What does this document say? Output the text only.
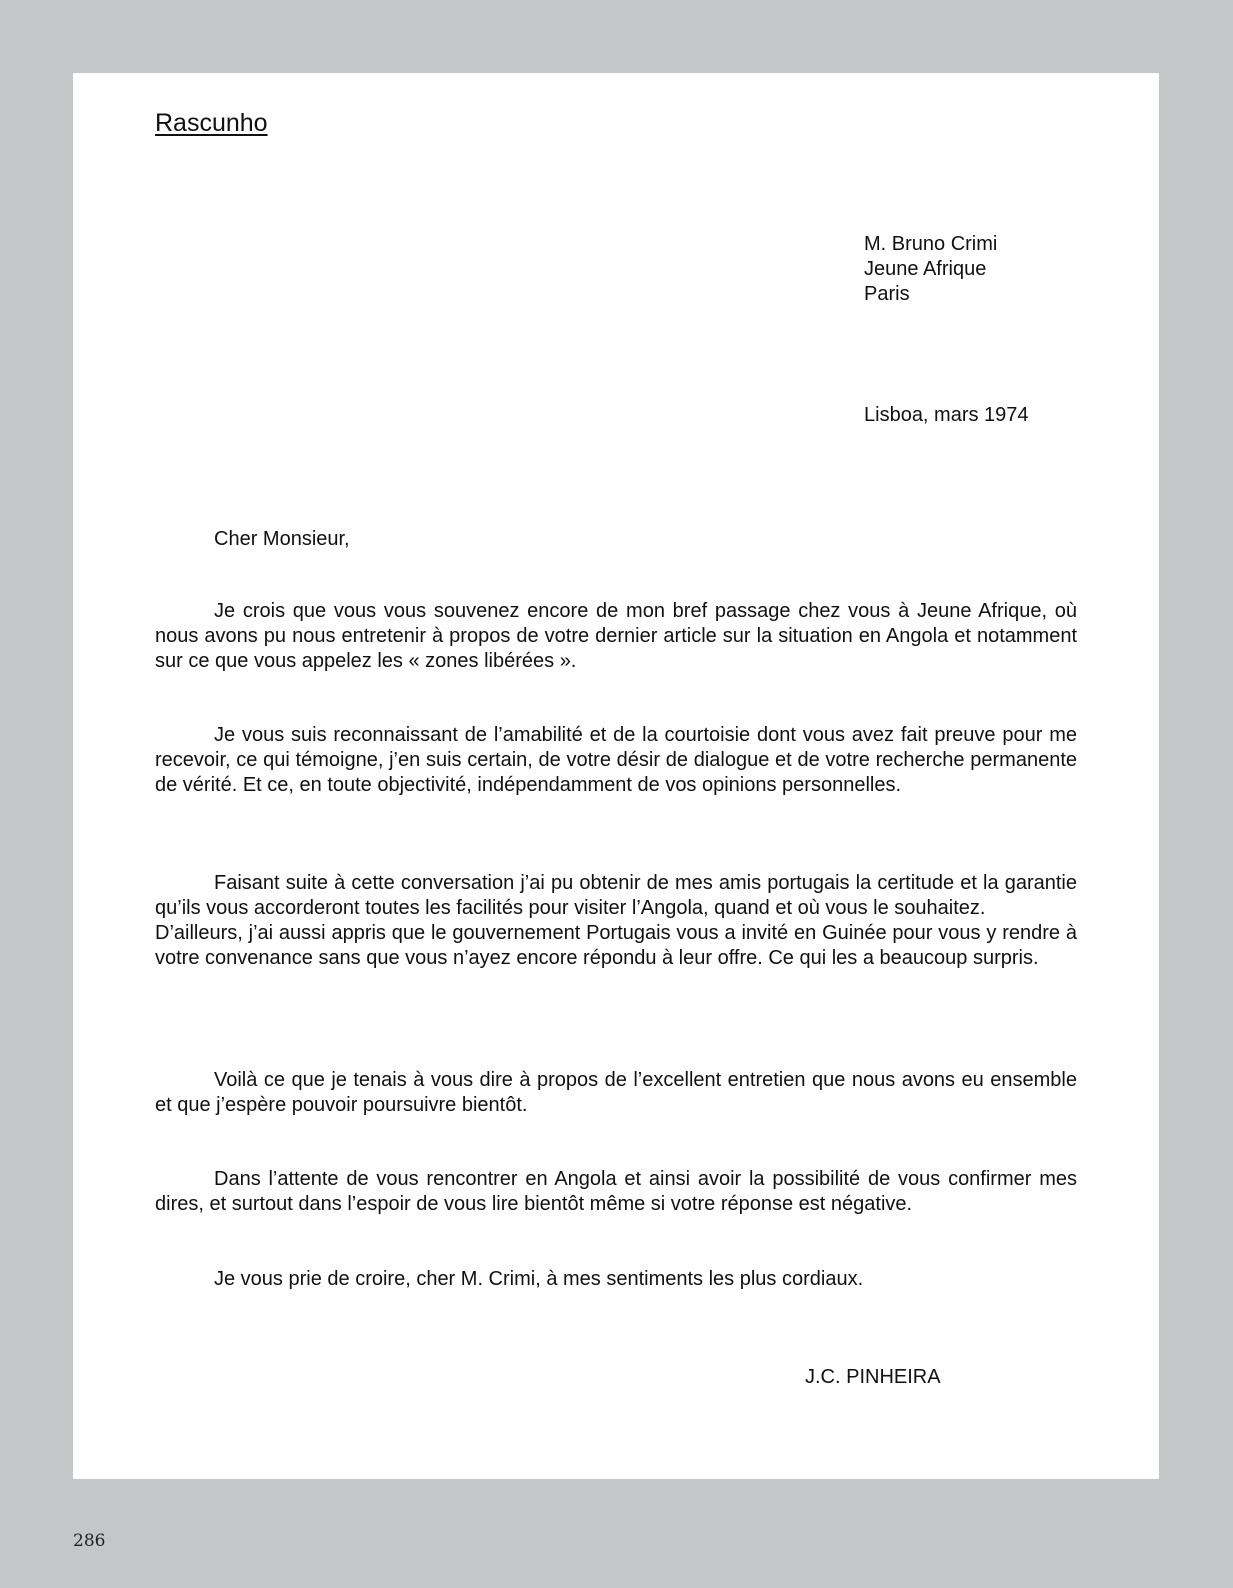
Rascunho
M. Bruno Crimi
Jeune Afrique
Paris
Lisboa, mars 1974
Cher Monsieur,

Je crois que vous vous souvenez encore de mon bref passage chez vous à Jeune Afrique, où nous avons pu nous entretenir à propos de votre dernier article sur la situation en Angola et notamment sur ce que vous appelez les « zones libérées ».

Je vous suis reconnaissant de l’amabilité et de la courtoisie dont vous avez fait preuve pour me recevoir, ce qui témoigne, j’en suis certain, de votre désir de dialogue et de votre recherche permanente de vérité. Et ce, en toute objectivité, indépendamment de vos opinions personnelles.

Faisant suite à cette conversation j’ai pu obtenir de mes amis portugais la certitude et la garantie qu’ils vous accorderont toutes les facilités pour visiter l’Angola, quand et où vous le souhaitez.

D’ailleurs, j’ai aussi appris que le gouvernement Portugais vous a invité en Guinée pour vous y rendre à votre convenance sans que vous n’ayez encore répondu à leur offre. Ce qui les a beaucoup surpris.

Voilà ce que je tenais à vous dire à propos de l’excellent entretien que nous avons eu ensemble et que j’espère pouvoir poursuivre bientôt.

Dans l’attente de vous rencontrer en Angola et ainsi avoir la possibilité de vous confirmer mes dires, et surtout dans l’espoir de vous lire bientôt même si votre réponse est négative.

Je vous prie de croire, cher M. Crimi, à mes sentiments les plus cordiaux.
J.C. PINHEIRA
286
